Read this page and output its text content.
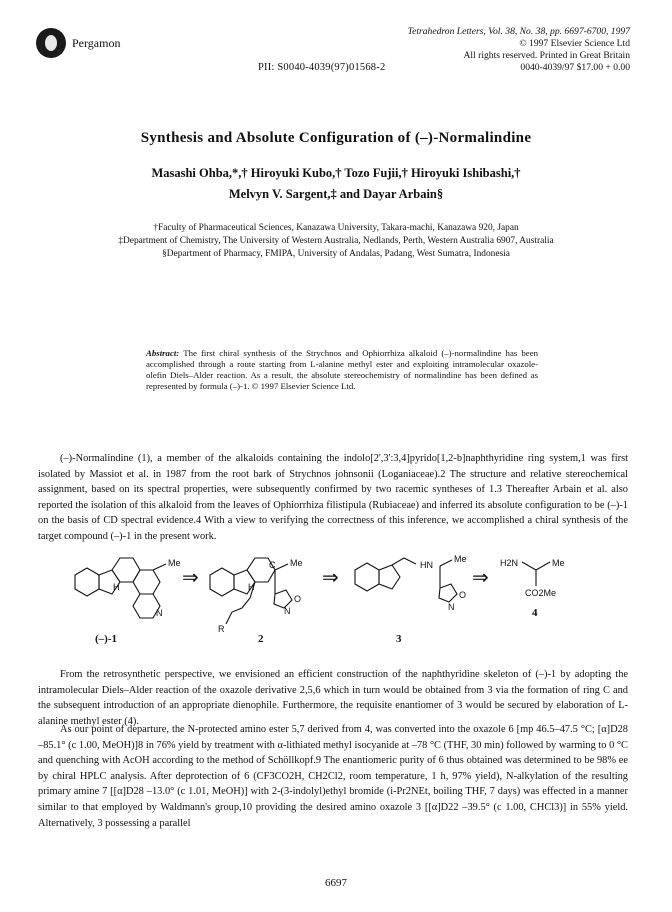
Pergamon
Tetrahedron Letters, Vol. 38, No. 38, pp. 6697-6700, 1997
© 1997 Elsevier Science Ltd
All rights reserved. Printed in Great Britain
0040-4039/97 $17.00 + 0.00
PII: S0040-4039(97)01568-2
Synthesis and Absolute Configuration of (–)-Normalindine
Masashi Ohba,*,† Hiroyuki Kubo,† Tozo Fujii,† Hiroyuki Ishibashi,†
Melvyn V. Sargent,‡ and Dayar Arbain§
†Faculty of Pharmaceutical Sciences, Kanazawa University, Takara-machi, Kanazawa 920, Japan
‡Department of Chemistry, The University of Western Australia, Nedlands, Perth, Western Australia 6907, Australia
§Department of Pharmacy, FMIPA, University of Andalas, Padang, West Sumatra, Indonesia
Abstract: The first chiral synthesis of the Strychnos and Ophiorrhiza alkaloid (–)-normalindine has been accomplished through a route starting from L-alanine methyl ester and exploiting intramolecular oxazole-olefin Diels–Alder reaction. As a result, the absolute stereochemistry of normalindine has been defined as represented by formula (–)-1. © 1997 Elsevier Science Ltd.
(–)-Normalindine (1), a member of the alkaloids containing the indolo[2',3':3,4]pyrido[1,2-b]naphthyridine ring system,1 was first isolated by Massiot et al. in 1987 from the root bark of Strychnos johnsonii (Loganiaceae).2 The structure and relative stereochemical assignment, based on its spectral properties, were subsequently confirmed by two racemic syntheses of 1.3 Thereafter Arbain et al. also reported the isolation of this alkaloid from the leaves of Ophiorrhiza filistipula (Rubiaceae) and inferred its absolute configuration to be (–)-1 on the basis of CD spectral evidence.4 With a view to verifying the correctness of this inference, we accomplished a chiral synthesis of the target compound (–)-1 in the present work.
Me
H
N
Me
H
C
R
N
O
HN
Me
N
O
H2N	Me
CO2Me
⇒	⇒	⇒
(–)-1	2	3
4
From the retrosynthetic perspective, we envisioned an efficient construction of the naphthyridine skeleton of (–)-1 by adopting the intramolecular Diels–Alder reaction of the oxazole derivative 2,5,6 which in turn would be obtained from 3 via the formation of ring C and the subsequent introduction of an appropriate dienophile. Furthermore, the requisite enantiomer of 3 would be secured by elaboration of L-alanine methyl ester (4).
As our point of departure, the N-protected amino ester 5,7 derived from 4, was converted into the oxazole 6 [mp 46.5–47.5 °C; [α]D28 –85.1° (c 1.00, MeOH)]8 in 76% yield by treatment with α-lithiated methyl isocyanide at –78 °C (THF, 30 min) followed by warming to 0 °C and quenching with AcOH according to the method of Schöllkopf.9 The enantiomeric purity of 6 thus obtained was determined to be 98% ee by chiral HPLC analysis. After deprotection of 6 (CF3CO2H, CH2Cl2, room temperature, 1 h, 97% yield), N-alkylation of the resulting primary amine 7 [[α]D28 –13.0° (c 1.01, MeOH)] with 2-(3-indolyl)ethyl bromide (i-Pr2NEt, boiling THF, 7 days) was effected in a manner similar to that employed by Waldmann's group,10 providing the desired amino oxazole 3 [[α]D22 –39.5° (c 1.00, CHCl3)] in 55% yield. Alternatively, 3 possessing a parallel
6697
